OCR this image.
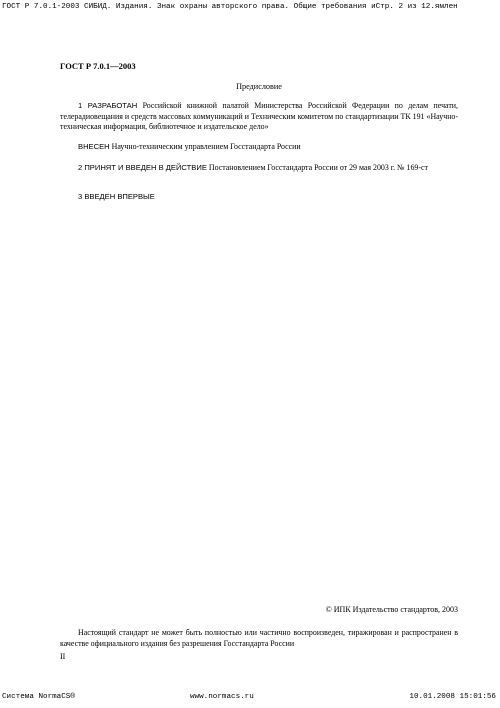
ГОСТ Р 7.0.1-2003 СИБИД. Издания. Знак охраны авторского права. Общие требования иСтр. 2 из 12.ямлен
ГОСТ Р 7.0.1—2003
Предисловие
1 РАЗРАБОТАН Российской книжной палатой Министерства Российской Федерации по делам печати, телерадиовещания и средств массовых коммуникаций и Техническим комитетом по стандартизации ТК 191 «Научно-техническая информация, библиотечное и издательское дело»
ВНЕСЕН Научно-техническим управлением Госстандарта России
2 ПРИНЯТ И ВВЕДЕН В ДЕЙСТВИЕ Постановлением Госстандарта России от 29 мая 2003 г. № 169-ст
3 ВВЕДЕН ВПЕРВЫЕ
© ИПК Издательство стандартов, 2003
Настоящий стандарт не может быть полностью или частично воспроизведен, тиражирован и распространен в качестве официального издания без разрешения Госстандарта России
II
Система NormaCS®	www.normacs.ru	10.01.2008 15:01:56
